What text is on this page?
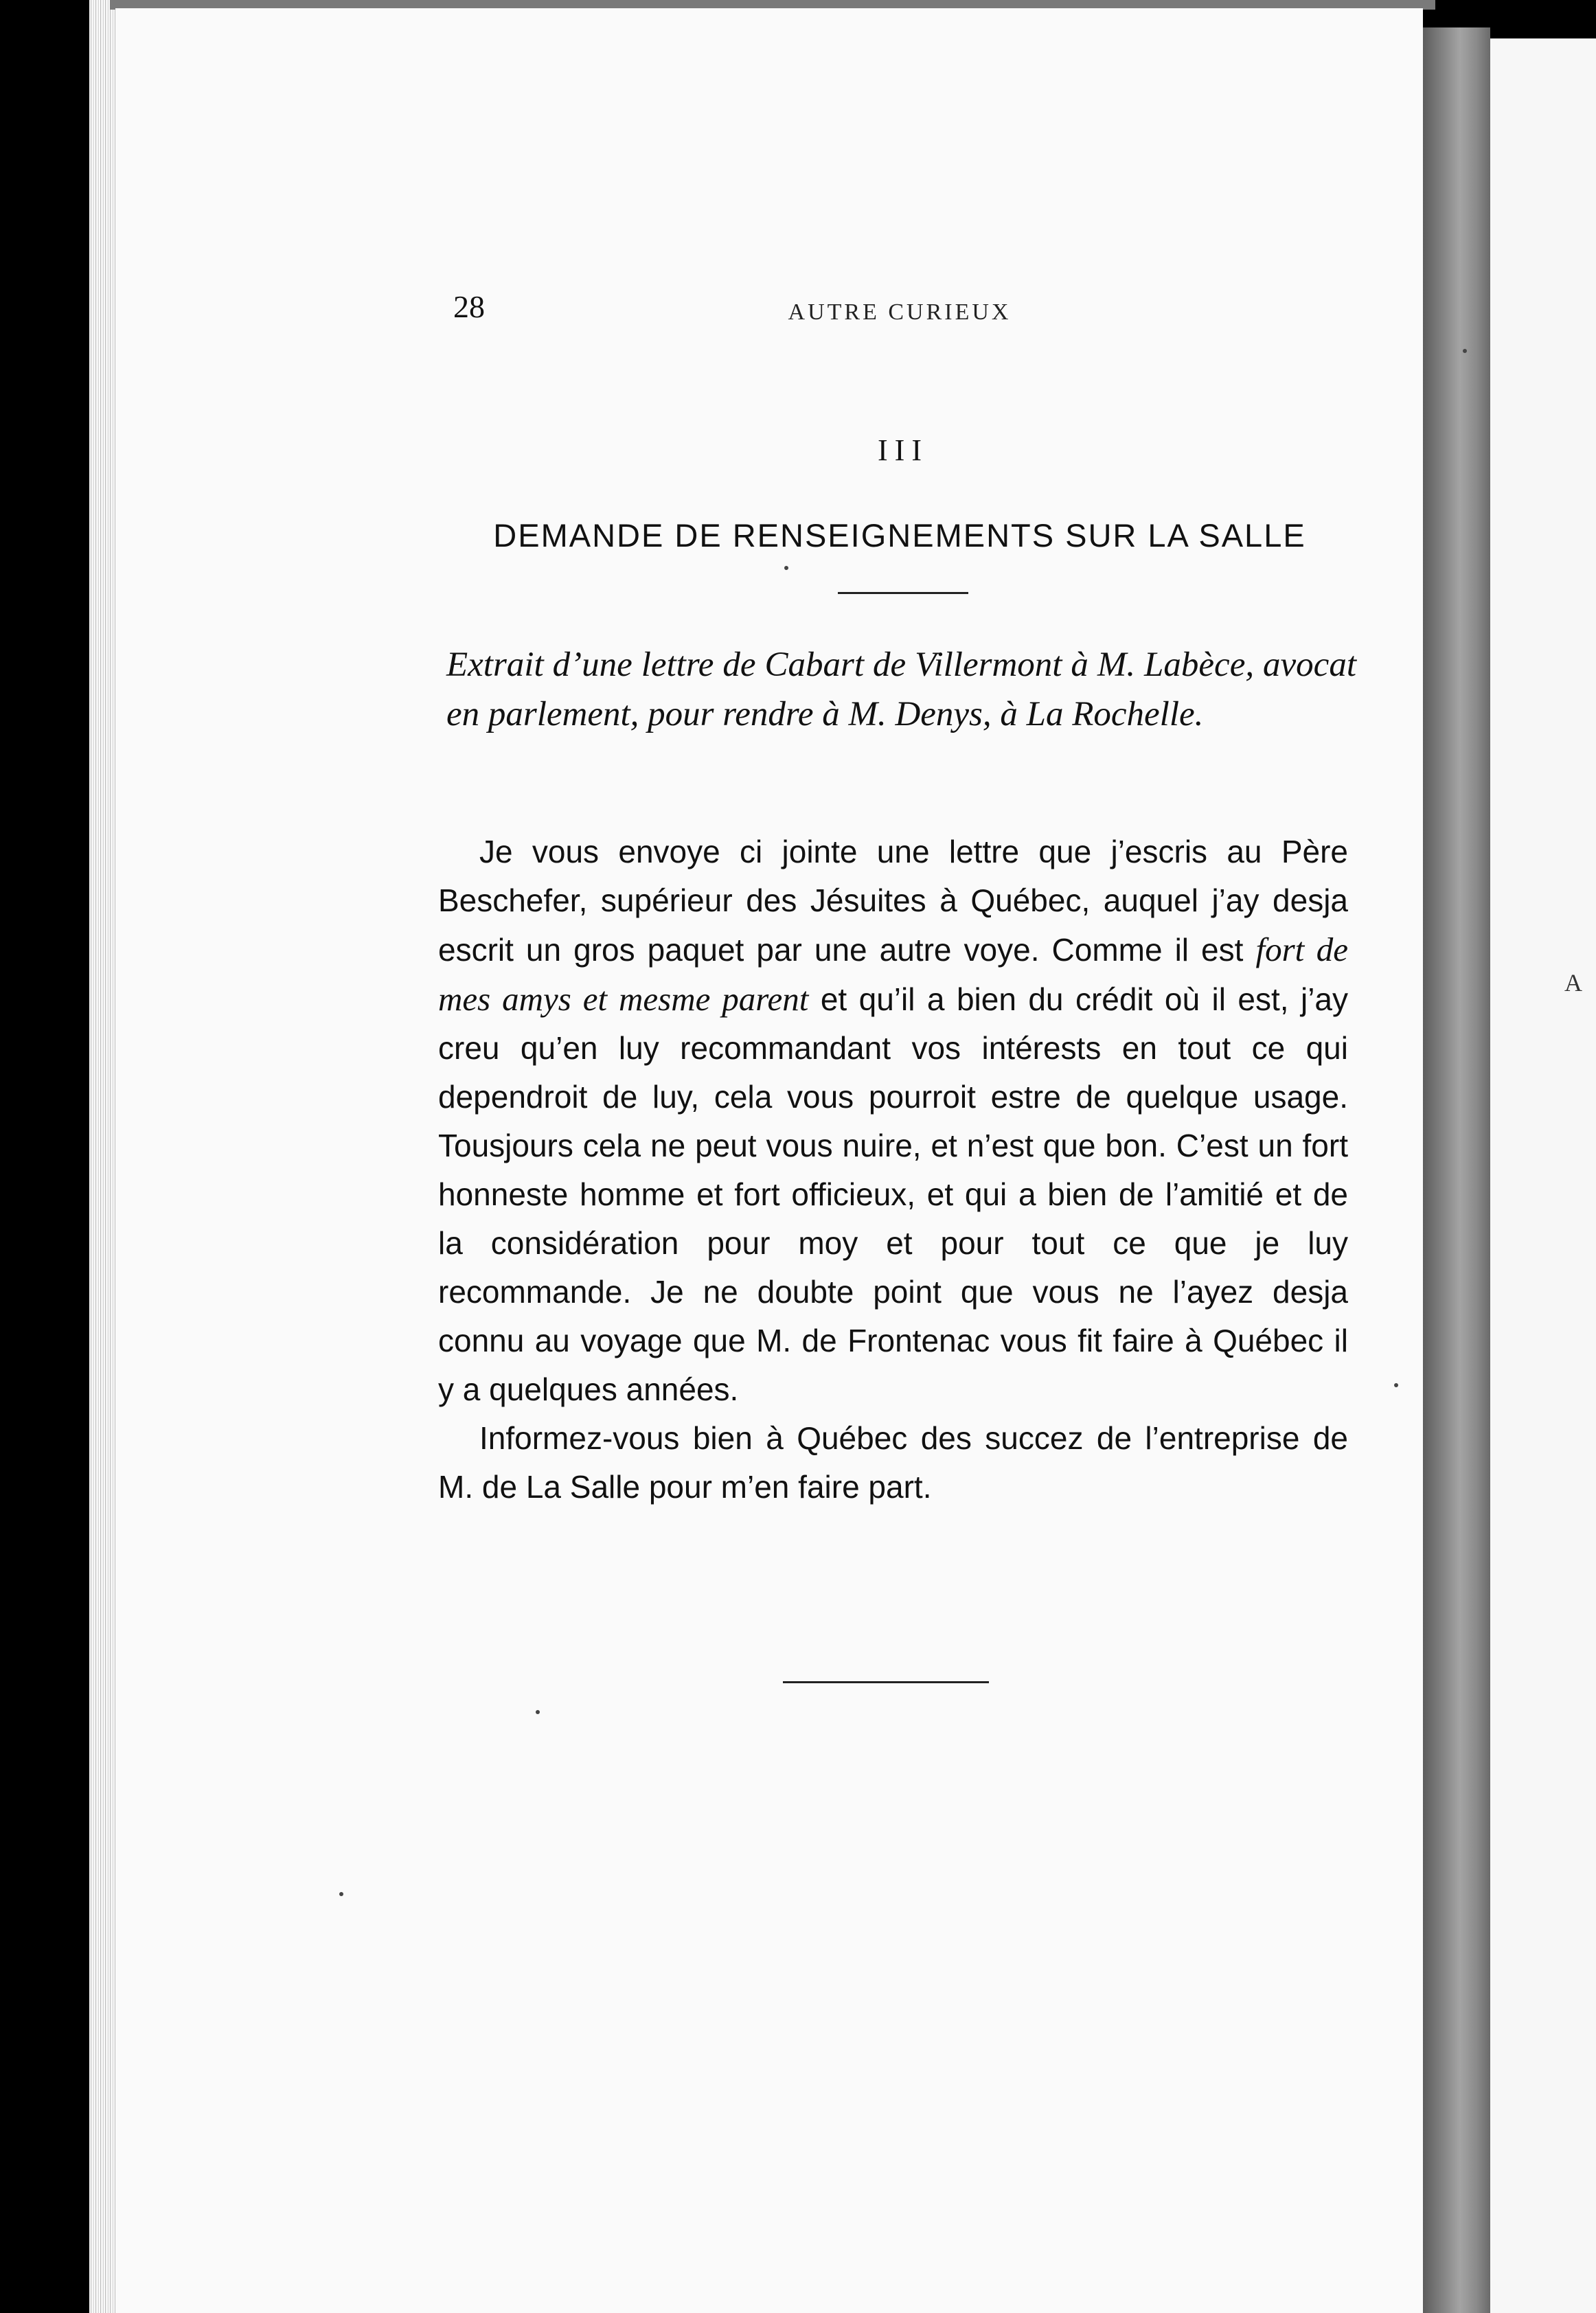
28	AUTRE CURIEUX
III
DEMANDE DE RENSEIGNEMENTS SUR LA SALLE
Extrait d’une lettre de Cabart de Villermont à M. Labèce, avocat en parlement, pour rendre à M. Denys, à La Rochelle.

Je vous envoye ci jointe une lettre que j’escris au Père Beschefer, supérieur des Jésuites à Québec, auquel j’ay desja escrit un gros paquet par une autre voye. Comme il est fort de mes amys et mesme parent et qu’il a bien du crédit où il est, j’ay creu qu’en luy recommandant vos intérests en tout ce qui dependroit de luy, cela vous pourroit estre de quelque usage. Tousjours cela ne peut vous nuire, et n’est que bon. C’est un fort honneste homme et fort officieux, et qui a bien de l’amitié et de la considération pour moy et pour tout ce que je luy recommande. Je ne doubte point que vous ne l’ayez desja connu au voyage que M. de Frontenac vous fit faire à Québec il y a quelques années.

Informez-vous bien à Québec des succez de l’entreprise de M. de La Salle pour m’en faire part.

A
